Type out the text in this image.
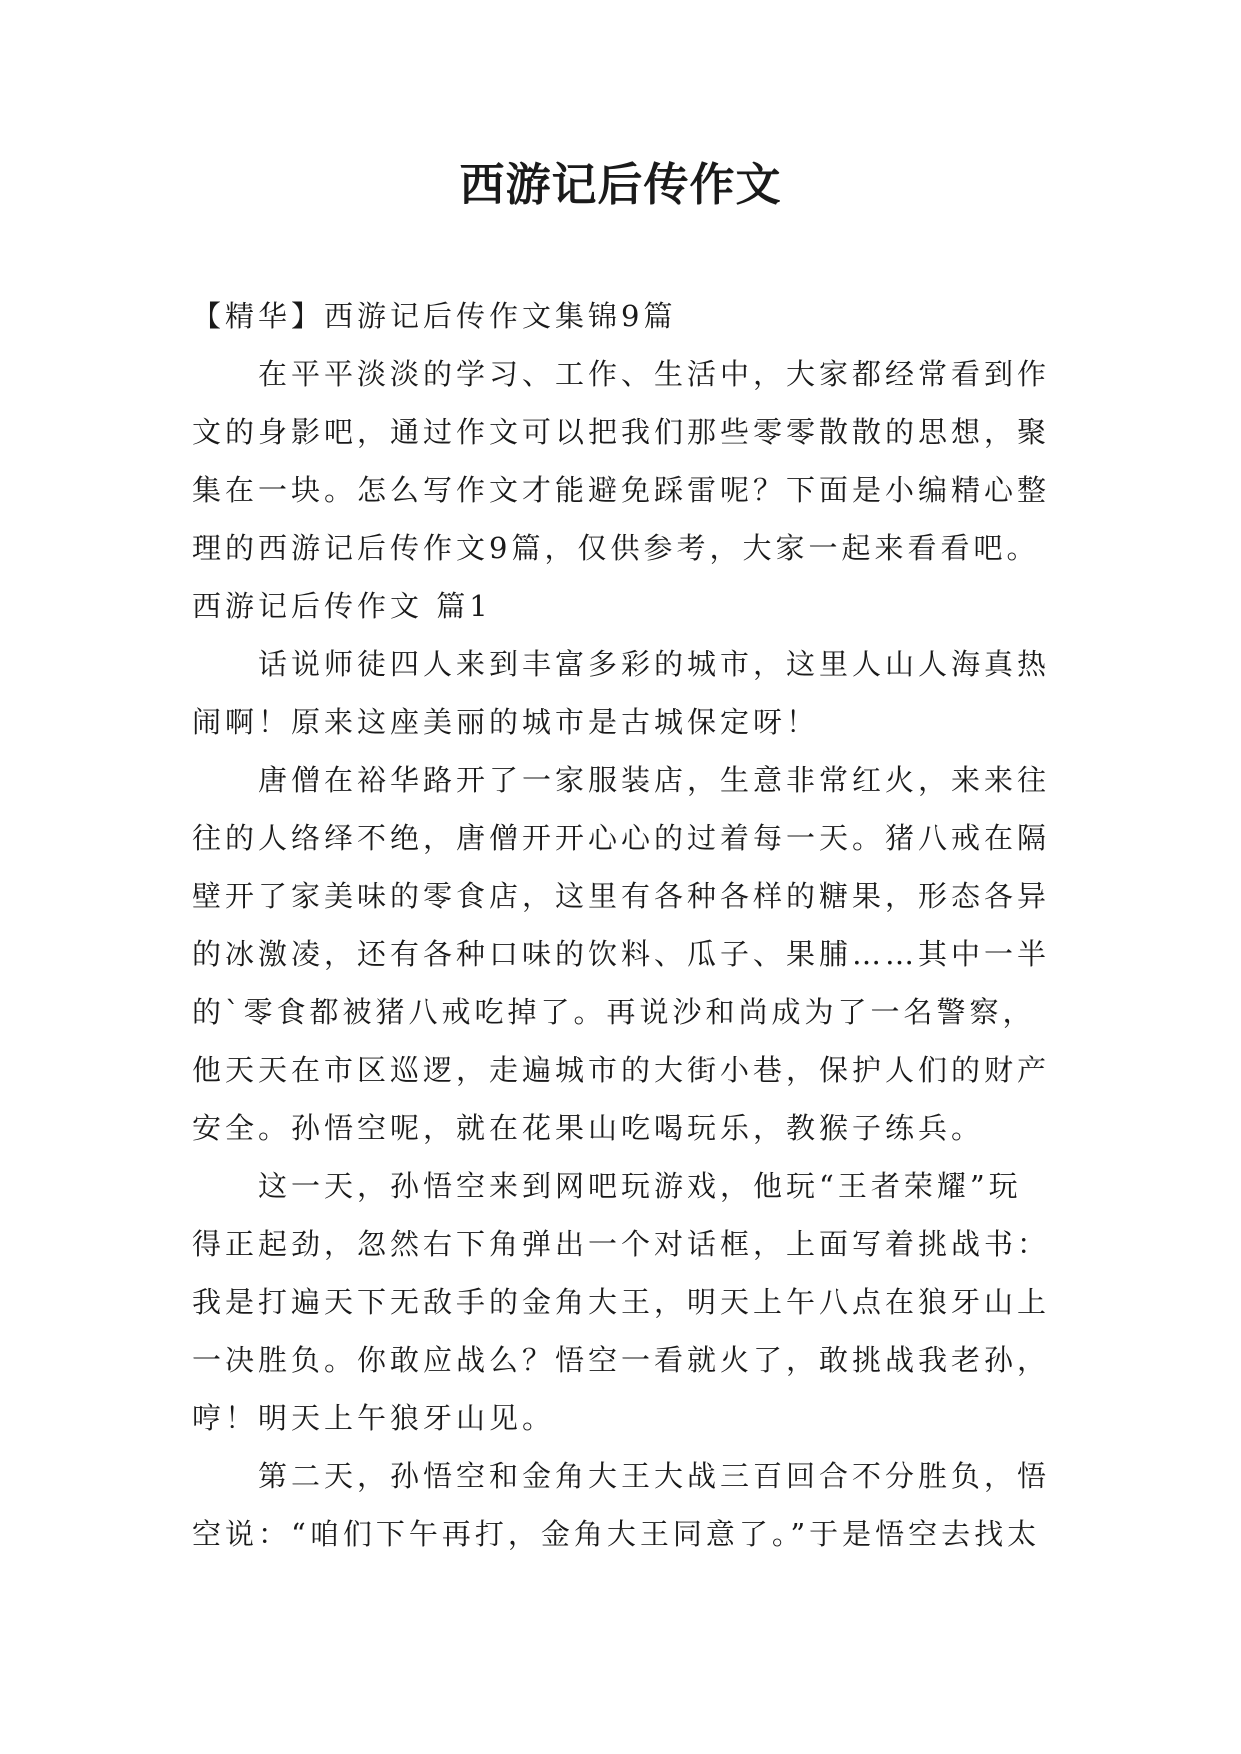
西游记后传作文
【精华】西游记后传作文集锦9篇
在平平淡淡的学习、工作、生活中，大家都经常看到作
文的身影吧，通过作文可以把我们那些零零散散的思想，聚
集在一块。怎么写作文才能避免踩雷呢？下面是小编精心整
理的西游记后传作文9篇，仅供参考，大家一起来看看吧。
西游记后传作文 篇1
话说师徒四人来到丰富多彩的城市，这里人山人海真热
闹啊！原来这座美丽的城市是古城保定呀！
唐僧在裕华路开了一家服装店，生意非常红火，来来往
往的人络绎不绝，唐僧开开心心的过着每一天。猪八戒在隔
壁开了家美味的零食店，这里有各种各样的糖果，形态各异
的冰激凌，还有各种口味的饮料、瓜子、果脯……其中一半
的`零食都被猪八戒吃掉了。再说沙和尚成为了一名警察，
他天天在市区巡逻，走遍城市的大街小巷，保护人们的财产
安全。孙悟空呢，就在花果山吃喝玩乐，教猴子练兵。
这一天，孙悟空来到网吧玩游戏，他玩“王者荣耀”玩
得正起劲，忽然右下角弹出一个对话框，上面写着挑战书：
我是打遍天下无敌手的金角大王，明天上午八点在狼牙山上
一决胜负。你敢应战么？悟空一看就火了，敢挑战我老孙，
哼！明天上午狼牙山见。
第二天，孙悟空和金角大王大战三百回合不分胜负，悟
空说：“咱们下午再打，金角大王同意了。”于是悟空去找太
